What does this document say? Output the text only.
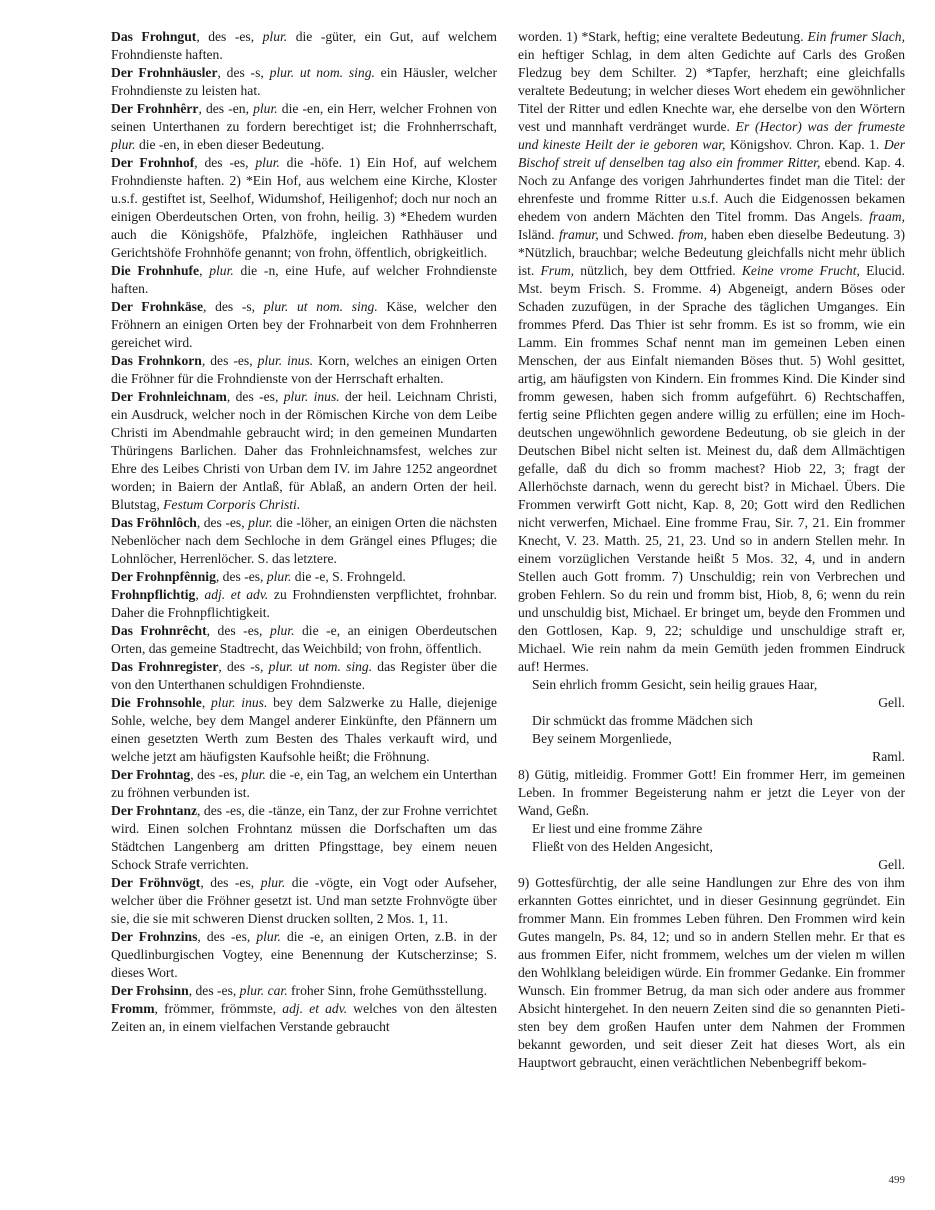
Das Frohngut, des -es, plur. die -güter, ein Gut, auf welchem Frohndienste haften.
Der Frohnhäusler, des -s, plur. ut nom. sing. ein Häusler, welcher Frohndienste zu leisten hat.
Der Frohnhêrr, des -en, plur. die -en, ein Herr, welcher Frohnen von seinen Unterthanen zu fordern berechtiget ist; die Frohnherrschaft, plur. die -en, in eben dieser Bedeutung.
Der Frohnhof, des -es, plur. die -höfe. 1) Ein Hof, auf welchem Frohndienste haften. 2) *Ein Hof, aus welchem eine Kirche, Kloster u.s.f. gestiftet ist, Seelhof, Widumshof, Heiligenhof; doch nur noch an einigen Oberdeutschen Orten, von frohn, heilig. 3) *Ehedem wurden auch die Königshöfe, Pfalzhöfe, ingleichen Rathhäuser und Gerichtshöfe Frohnhöfe genannt; von frohn, öffentlich, obrigkeitlich.
Die Frohnhufe, plur. die -n, eine Hufe, auf welcher Frohndienste haften.
Der Frohnkäse, des -s, plur. ut nom. sing. Käse, welcher den Fröhnern an einigen Orten bey der Frohnarbeit von dem Frohnherren gereichet wird.
Das Frohnkorn, des -es, plur. inus. Korn, welches an einigen Orten die Fröhner für die Frohndienste von der Herrschaft erhalten.
Der Frohnleichnam, des -es, plur. inus. der heil. Leichnam Christi, ein Ausdruck, welcher noch in der Römischen Kirche von dem Leibe Christi im Abendmahle gebraucht wird; in den gemeinen Mundarten Thüringens Barlichen. Daher das Frohnleichnamsfest, welches zur Ehre des Leibes Christi von Urban dem IV. im Jahre 1252 angeordnet worden; in Baiern der Antlaß, für Ablaß, an andern Orten der heil. Blutstag, Festum Corporis Christi.
Das Fröhnlôch, des -es, plur. die -löher, an einigen Orten die nächsten Nebenlöcher nach dem Sechloche in dem Grängel eines Pfluges; die Lohnlöcher, Herrenlöcher. S. das letztere.
Der Frohnpfênnig, des -es, plur. die -e, S. Frohngeld.
Frohnpflichtig, adj. et adv. zu Frohndiensten verpflichtet, frohnbar. Daher die Frohnpflichtigkeit.
Das Frohnrêcht, des -es, plur. die -e, an einigen Oberdeutschen Orten, das gemeine Stadtrecht, das Weichbild; von frohn, öffentlich.
Das Frohnregister, des -s, plur. ut nom. sing. das Register über die von den Unterthanen schuldigen Frohndienste.
Die Frohnsohle, plur. inus. bey dem Salzwerke zu Halle, diejenige Sohle, welche, bey dem Mangel anderer Einkünfte, den Pfännern um einen gesetzten Werth zum Besten des Thales verkauft wird, und welche jetzt am häufigsten Kaufsohle heißt; die Fröhnung.
Der Frohntag, des -es, plur. die -e, ein Tag, an welchem ein Unterthan zu fröhnen verbunden ist.
Der Frohntanz, des -es, die -tänze, ein Tanz, der zur Frohne verrichtet wird. Einen solchen Frohntanz müssen die Dorfschaften um das Städtchen Langenberg am dritten Pfingsttage, bey einem neuen Schock Strafe verrichten.
Der Fröhnvögt, des -es, plur. die -vögte, ein Vogt oder Aufseher, welcher über die Fröhner gesetzt ist. Und man setzte Frohnvögte über sie, die sie mit schweren Dienst drucken sollten, 2 Mos. 1, 11.
Der Frohnzins, des -es, plur. die -e, an einigen Orten, z.B. in der Quedlinburgischen Vogtey, eine Benennung der Kutscherzinse; S. dieses Wort.
Der Frohsinn, des -es, plur. car. froher Sinn, frohe Gemüthsstellung.
Fromm, frömmer, frömmste, adj. et adv. welches von den ältesten Zeiten an, in einem vielfachen Verstande gebraucht
worden. 1) *Stark, heftig; eine veraltete Bedeutung. Ein frumer Slach, ein heftiger Schlag, in dem alten Gedichte auf Carls des Großen Fledzug bey dem Schilter. 2) *Tapfer, herzhaft; eine gleichfalls veraltete Bedeutung; in welcher dieses Wort ehedem ein gewöhnlicher Titel der Ritter und edlen Knechte war, ehe derselbe von den Wörtern vest und mannhaft verdränget wurde. Er (Hector) was der frumeste und kineste Heilt der ie geboren war, Königshov. Chron. Kap. 1. Der Bischof streit uf denselben tag also ein frommer Ritter, ebend. Kap. 4. Noch zu Anfange des vorigen Jahrhundertes findet man die Titel: der ehrenfeste und fromme Ritter u.s.f. Auch die Eidgenossen bekamen ehedem von andern Mächten den Titel fromm. Das Angels. fraam, Isländ. framur, und Schwed. from, haben eben dieselbe Bedeutung. 3) *Nützlich, brauchbar; welche Bedeutung gleichfalls nicht mehr üblich ist. Frum, nützlich, bey dem Ottfried. Keine vrome Frucht, Elucid. Mst. beym Frisch. S. Fromme. 4) Abgeneigt, andern Böses oder Schaden zuzufügen, in der Sprache des täglichen Umganges. Ein frommes Pferd. Das Thier ist sehr fromm. Es ist so fromm, wie ein Lamm. Ein frommes Schaf nennt man im gemeinen Leben einen Menschen, der aus Einfalt niemanden Böses thut. 5) Wohl gesittet, artig, am häufigsten von Kindern. Ein frommes Kind. Die Kinder sind fromm gewesen, haben sich fromm aufgeführt. 6) Rechtschaffen, fertig seine Pflichten gegen andere willig zu erfüllen; eine im Hochdeutschen ungewöhnlich gewordene Bedeutung, ob sie gleich in der Deutschen Bibel nicht selten ist. Meinest du, daß dem Allmächtigen gefalle, daß du dich so fromm machest? Hiob 22, 3; fragt der Allerhöchste darnach, wenn du gerecht bist? in Michael. Übers. Die Frommen verwirft Gott nicht, Kap. 8, 20; Gott wird den Redlichen nicht verwerfen, Michael. Eine fromme Frau, Sir. 7, 21. Ein frommer Knecht, V. 23. Matth. 25, 21, 23. Und so in andern Stellen mehr. In einem vorzüglichen Verstande heißt 5 Mos. 32, 4, und in andern Stellen auch Gott fromm. 7) Unschuldig; rein von Verbrechen und groben Fehlern. So du rein und fromm bist, Hiob, 8, 6; wenn du rein und unschuldig bist, Michael. Er bringet um, beyde den Frommen und den Gottlosen, Kap. 9, 22; schuldige und unschuldige straft er, Michael. Wie rein nahm da mein Gemüth jeden frommen Eindruck auf! Hermes.
Sein ehrlich fromm Gesicht, sein heilig graues Haar,
Gell.
Dir schmückt das fromme Mädchen sich
Bey seinem Morgenliede,
Raml.
8) Gütig, mitleidig. Frommer Gott! Ein frommer Herr, im gemeinen Leben. In frommer Begeisterung nahm er jetzt die Leyer von der Wand, Geßn.
Er liest und eine fromme Zähre
Fließt von des Helden Angesicht,
Gell.
9) Gottesfürchtig, der alle seine Handlungen zur Ehre des von ihm erkannten Gottes einrichtet, und in dieser Gesinnung gegründet. Ein frommer Mann. Ein frommes Leben führen. Den Frommen wird kein Gutes mangeln, Ps. 84, 12; und so in andern Stellen mehr. Er that es aus frommen Eifer, nicht frommem, welches um der vielen m willen den Wohlklang beleidigen würde. Ein frommer Gedanke. Ein frommer Wunsch. Ein frommer Betrug, da man sich oder andere aus frommer Absicht hintergehet. In den neuern Zeiten sind die so genannten Pietisten bey dem großen Haufen unter dem Nahmen der Frommen bekannt geworden, und seit dieser Zeit hat dieses Wort, als ein Hauptwort gebraucht, einen verächtlichen Nebenbegriff bekom-
499
